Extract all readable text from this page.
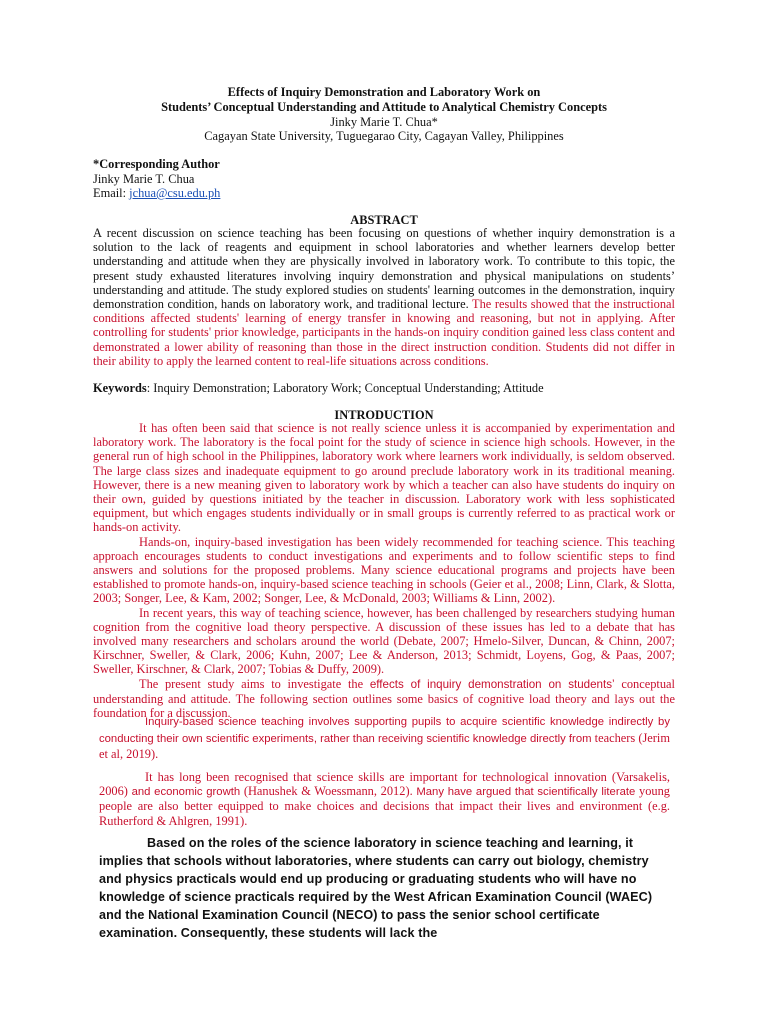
Effects of Inquiry Demonstration and Laboratory Work on
Students’ Conceptual Understanding and Attitude to Analytical Chemistry Concepts
Jinky Marie T. Chua*
Cagayan State University, Tuguegarao City, Cagayan Valley, Philippines
*Corresponding Author
Jinky Marie T. Chua
Email: jchua@csu.edu.ph
ABSTRACT

A recent discussion on science teaching has been focusing on questions of whether inquiry demonstration is a solution to the lack of reagents and equipment in school laboratories and whether learners develop better understanding and attitude when they are physically involved in laboratory work. To contribute to this topic, the present study exhausted literatures involving inquiry demonstration and physical manipulations on students’ understanding and attitude. The study explored studies on students' learning outcomes in the demonstration, inquiry demonstration condition, hands on laboratory work, and traditional lecture. The results showed that the instructional conditions affected students' learning of energy transfer in knowing and reasoning, but not in applying. After controlling for students' prior knowledge, participants in the hands-on inquiry condition gained less class content and demonstrated a lower ability of reasoning than those in the direct instruction condition. Students did not differ in their ability to apply the learned content to real-life situations across conditions.

Keywords: Inquiry Demonstration; Laboratory Work; Conceptual Understanding; Attitude
INTRODUCTION

It has often been said that science is not really science unless it is accompanied by experimentation and laboratory work. The laboratory is the focal point for the study of science in science high schools. However, in the general run of high school in the Philippines, laboratory work where learners work individually, is seldom observed. The large class sizes and inadequate equipment to go around preclude laboratory work in its traditional meaning. However, there is a new meaning given to laboratory work by which a teacher can also have students do inquiry on their own, guided by questions initiated by the teacher in discussion. Laboratory work with less sophisticated equipment, but which engages students individually or in small groups is currently referred to as practical work or hands-on activity.

Hands-on, inquiry-based investigation has been widely recommended for teaching science. This teaching approach encourages students to conduct investigations and experiments and to follow scientific steps to find answers and solutions for the proposed problems. Many science educational programs and projects have been established to promote hands-on, inquiry-based science teaching in schools (Geier et al., 2008; Linn, Clark, & Slotta, 2003; Songer, Lee, & Kam, 2002; Songer, Lee, & McDonald, 2003; Williams & Linn, 2002).

In recent years, this way of teaching science, however, has been challenged by researchers studying human cognition from the cognitive load theory perspective. A discussion of these issues has led to a debate that has involved many researchers and scholars around the world (Debate, 2007; Hmelo-Silver, Duncan, & Chinn, 2007; Kirschner, Sweller, & Clark, 2006; Kuhn, 2007; Lee & Anderson, 2013; Schmidt, Loyens, Gog, & Paas, 2007; Sweller, Kirschner, & Clark, 2007; Tobias & Duffy, 2009).

The present study aims to investigate the effects of inquiry demonstration on students’ conceptual understanding and attitude. The following section outlines some basics of cognitive load theory and lays out the foundation for a discussion.

Inquiry-based science teaching involves supporting pupils to acquire scientific knowledge indirectly by conducting their own scientific experiments, rather than receiving scientific knowledge directly from teachers (Jerim et al, 2019).

It has long been recognised that science skills are important for technological innovation (Varsakelis, 2006) and economic growth (Hanushek & Woessmann, 2012). Many have argued that scientifically literate young people are also better equipped to make choices and decisions that impact their lives and environment (e.g. Rutherford & Ahlgren, 1991).

Based on the roles of the science laboratory in science teaching and learning, it implies that schools without laboratories, where students can carry out biology, chemistry and physics practicals would end up producing or graduating students who will have no knowledge of science practicals required by the West African Examination Council (WAEC) and the National Examination Council (NECO) to pass the senior school certificate examination. Consequently, these students will lack the
